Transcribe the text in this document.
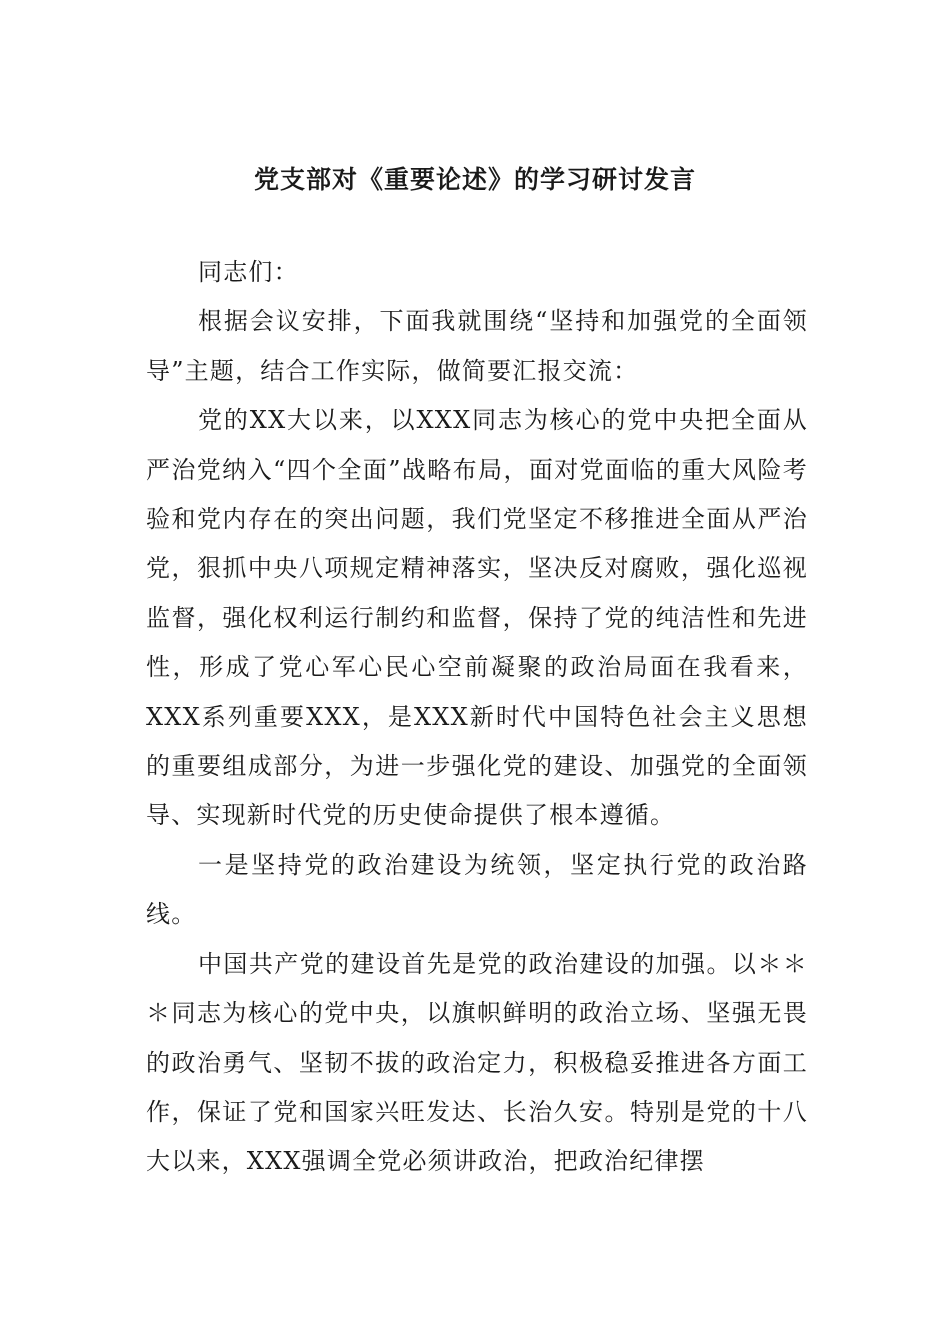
党支部对《重要论述》的学习研讨发言

同志们：

根据会议安排，下面我就围绕“坚持和加强党的全面领导”主题，结合工作实际，做简要汇报交流：

党的XX大以来，以XXX同志为核心的党中央把全面从严治党纳入“四个全面”战略布局，面对党面临的重大风险考验和党内存在的突出问题，我们党坚定不移推进全面从严治党，狠抓中央八项规定精神落实，坚决反对腐败，强化巡视监督，强化权利运行制约和监督，保持了党的纯洁性和先进性，形成了党心军心民心空前凝聚的政治局面在我看来，XXX系列重要XXX，是XXX新时代中国特色社会主义思想的重要组成部分，为进一步强化党的建设、加强党的全面领导、实现新时代党的历史使命提供了根本遵循。

一是坚持党的政治建设为统领，坚定执行党的政治路线。

中国共产党的建设首先是党的政治建设的加强。以＊＊＊同志为核心的党中央，以旗帜鲜明的政治立场、坚强无畏的政治勇气、坚韧不拔的政治定力，积极稳妥推进各方面工作，保证了党和国家兴旺发达、长治久安。特别是党的十八大以来，XXX强调全党必须讲政治，把政治纪律摆
